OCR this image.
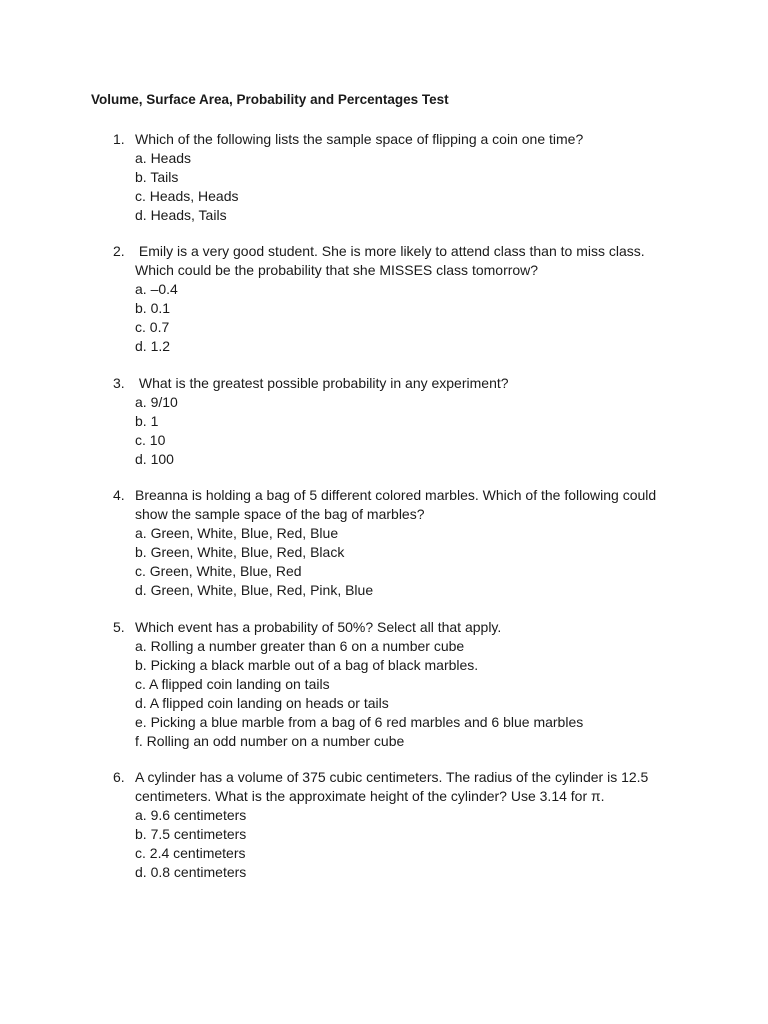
Volume, Surface Area, Probability and Percentages Test
1. Which of the following lists the sample space of flipping a coin one time?
a. Heads
b. Tails
c. Heads, Heads
d. Heads, Tails
2. Emily is a very good student. She is more likely to attend class than to miss class.
Which could be the probability that she MISSES class tomorrow?
a. –0.4
b. 0.1
c. 0.7
d. 1.2
3. What is the greatest possible probability in any experiment?
a. 9/10
b. 1
c. 10
d. 100
4. Breanna is holding a bag of 5 different colored marbles. Which of the following could
show the sample space of the bag of marbles?
a. Green, White, Blue, Red, Blue
b. Green, White, Blue, Red, Black
c. Green, White, Blue, Red
d. Green, White, Blue, Red, Pink, Blue
5. Which event has a probability of 50%? Select all that apply.
a. Rolling a number greater than 6 on a number cube
b. Picking a black marble out of a bag of black marbles.
c. A flipped coin landing on tails
d. A flipped coin landing on heads or tails
e. Picking a blue marble from a bag of 6 red marbles and 6 blue marbles
f. Rolling an odd number on a number cube
6. A cylinder has a volume of 375 cubic centimeters. The radius of the cylinder is 12.5
centimeters. What is the approximate height of the cylinder? Use 3.14 for π.
a. 9.6 centimeters
b. 7.5 centimeters
c. 2.4 centimeters
d. 0.8 centimeters
